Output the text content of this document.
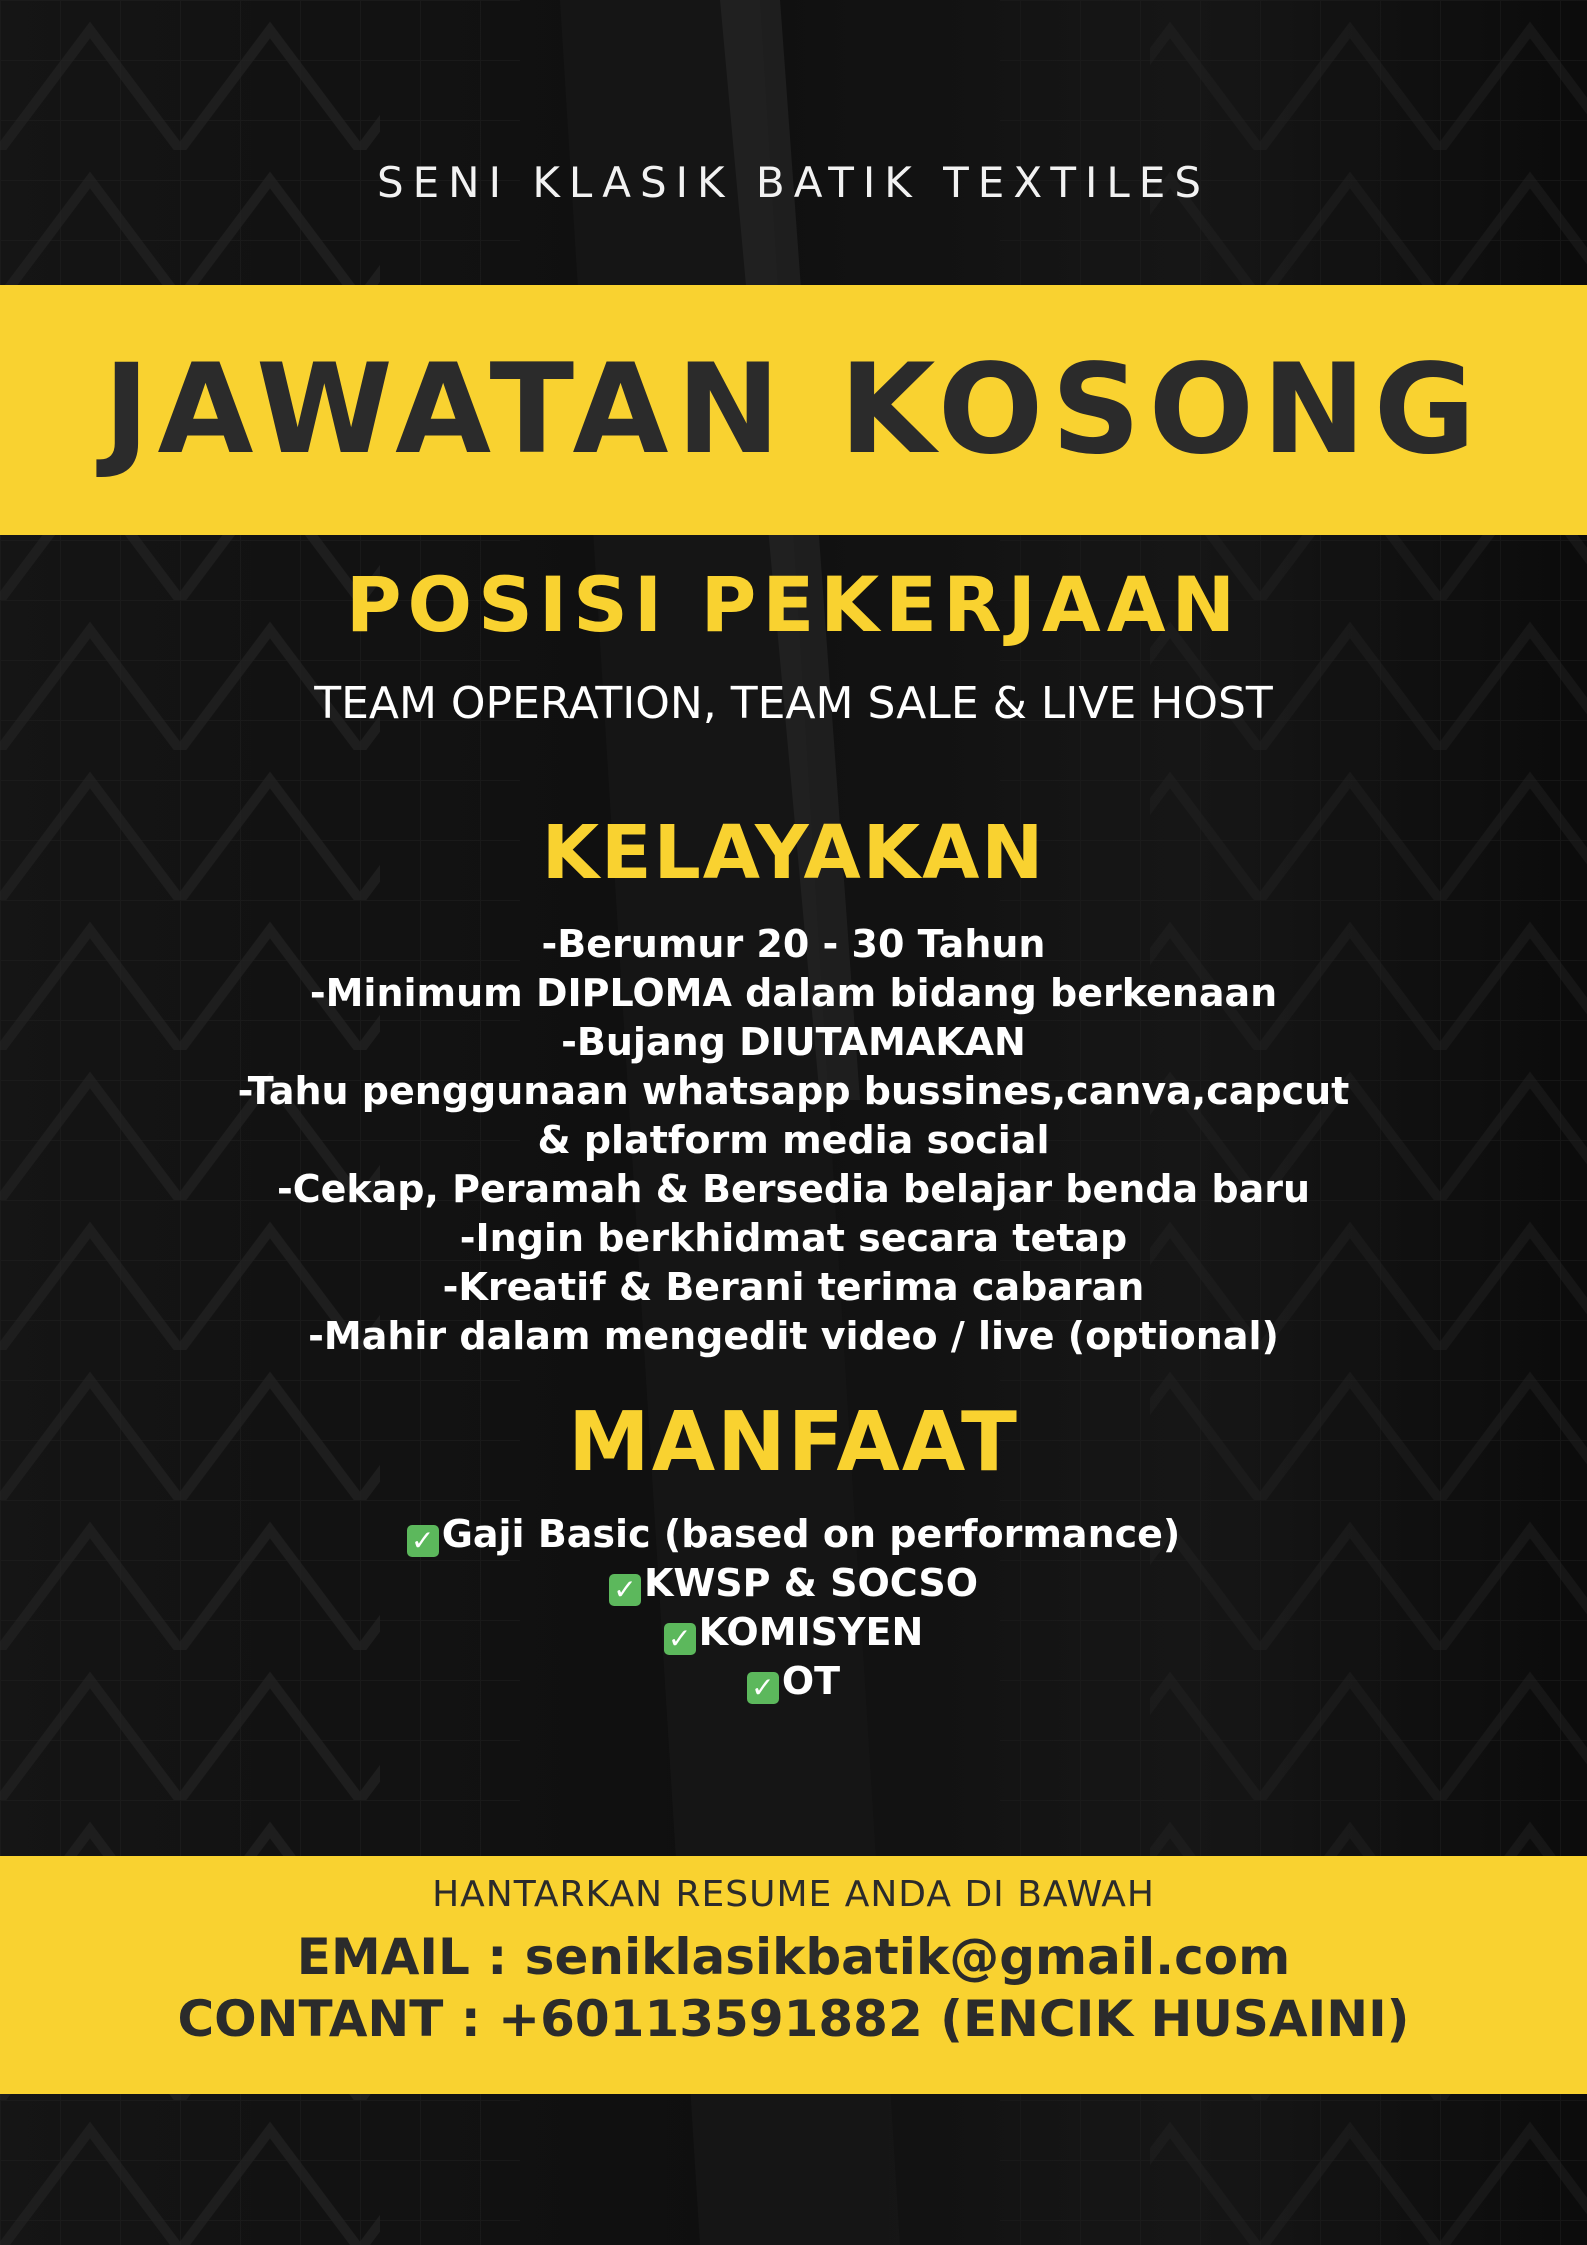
SENI KLASIK BATIK TEXTILES
JAWATAN KOSONG
POSISI PEKERJAAN
TEAM OPERATION, TEAM SALE & LIVE HOST
KELAYAKAN
-Berumur 20 - 30 Tahun
-Minimum DIPLOMA dalam bidang berkenaan
-Bujang DIUTAMAKAN
-Tahu penggunaan whatsapp bussines,canva,capcut & platform media social
-Cekap, Peramah & Bersedia belajar benda baru
-Ingin berkhidmat secara tetap
-Kreatif & Berani terima cabaran
-Mahir dalam mengedit video / live (optional)
MANFAAT
✓ Gaji Basic (based on performance)
✓ KWSP & SOCSO
✓ KOMISYEN
✓ OT
HANTARKAN RESUME ANDA DI BAWAH
EMAIL : seniklasikbatik@gmail.com
CONTANT : +60113591882 (ENCIK HUSAINI)
